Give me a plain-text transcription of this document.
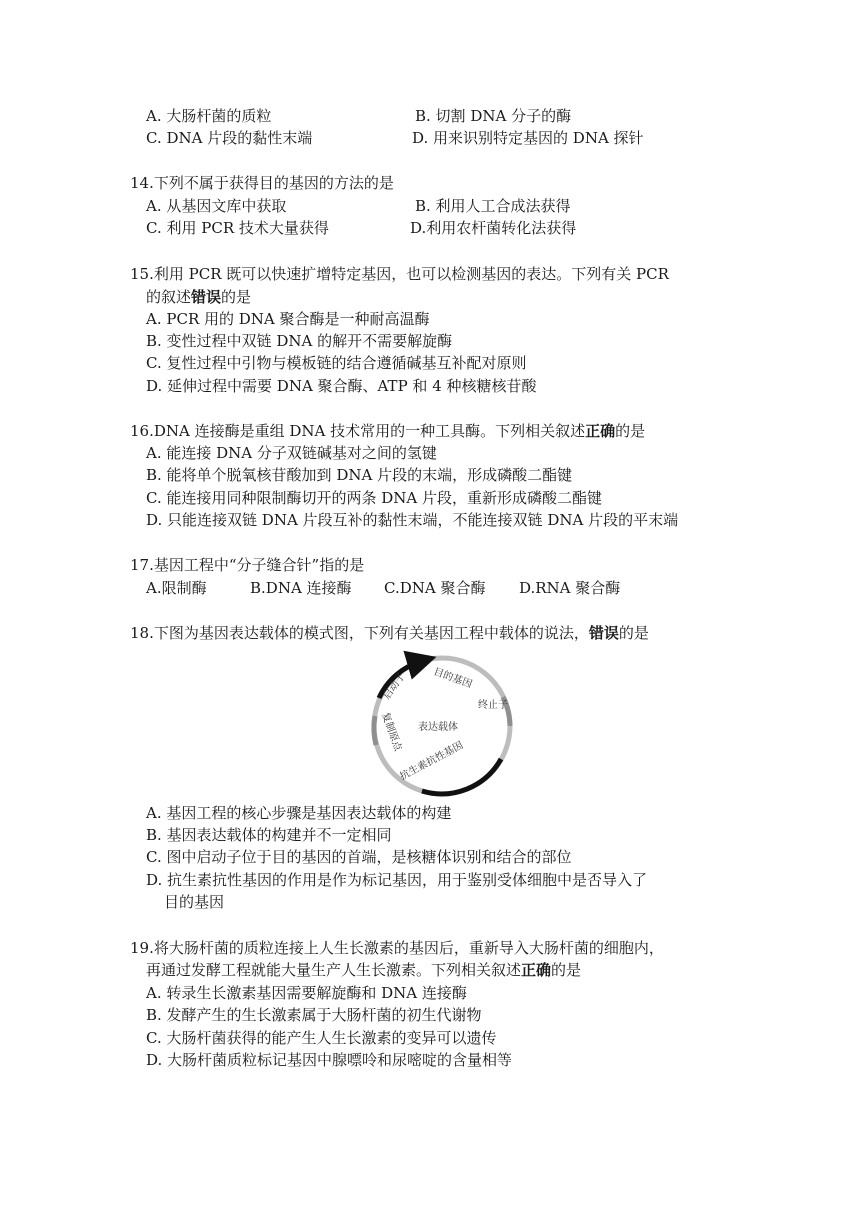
A. 大肠杆菌的质粒	B. 切割 DNA 分子的酶
C. DNA 片段的黏性末端	D. 用来识别特定基因的 DNA 探针
14.下列不属于获得目的基因的方法的是
A. 从基因文库中获取	B. 利用人工合成法获得
C. 利用 PCR 技术大量获得	D.利用农杆菌转化法获得
15.利用 PCR 既可以快速扩增特定基因，也可以检测基因的表达。下列有关 PCR
的叙述错误的是
A. PCR 用的 DNA 聚合酶是一种耐高温酶
B. 变性过程中双链 DNA 的解开不需要解旋酶
C. 复性过程中引物与模板链的结合遵循碱基互补配对原则
D. 延伸过程中需要 DNA 聚合酶、ATP 和 4 种核糖核苷酸
16.DNA 连接酶是重组 DNA 技术常用的一种工具酶。下列相关叙述正确的是
A. 能连接 DNA 分子双链碱基对之间的氢键
B. 能将单个脱氧核苷酸加到 DNA 片段的末端，形成磷酸二酯键
C. 能连接用同种限制酶切开的两条 DNA 片段，重新形成磷酸二酯键
D. 只能连接双链 DNA 片段互补的黏性末端，不能连接双链 DNA 片段的平末端
17.基因工程中“分子缝合针”指的是
A.限制酶	B.DNA 连接酶 C.DNA 聚合酶 D.RNA 聚合酶
18.下图为基因表达载体的模式图，下列有关基因工程中载体的说法，错误的是
表达载体
启动子 目的基因
终止子
抗生素抗性基因
复制原点
A. 基因工程的核心步骤是基因表达载体的构建
B. 基因表达载体的构建并不一定相同
C. 图中启动子位于目的基因的首端，是核糖体识别和结合的部位
D. 抗生素抗性基因的作用是作为标记基因，用于鉴别受体细胞中是否导入了
目的基因
19.将大肠杆菌的质粒连接上人生长激素的基因后，重新导入大肠杆菌的细胞内，
再通过发酵工程就能大量生产人生长激素。下列相关叙述正确的是
A. 转录生长激素基因需要解旋酶和 DNA 连接酶
B. 发酵产生的生长激素属于大肠杆菌的初生代谢物
C. 大肠杆菌获得的能产生人生长激素的变异可以遗传
D. 大肠杆菌质粒标记基因中腺嘌呤和尿嘧啶的含量相等
